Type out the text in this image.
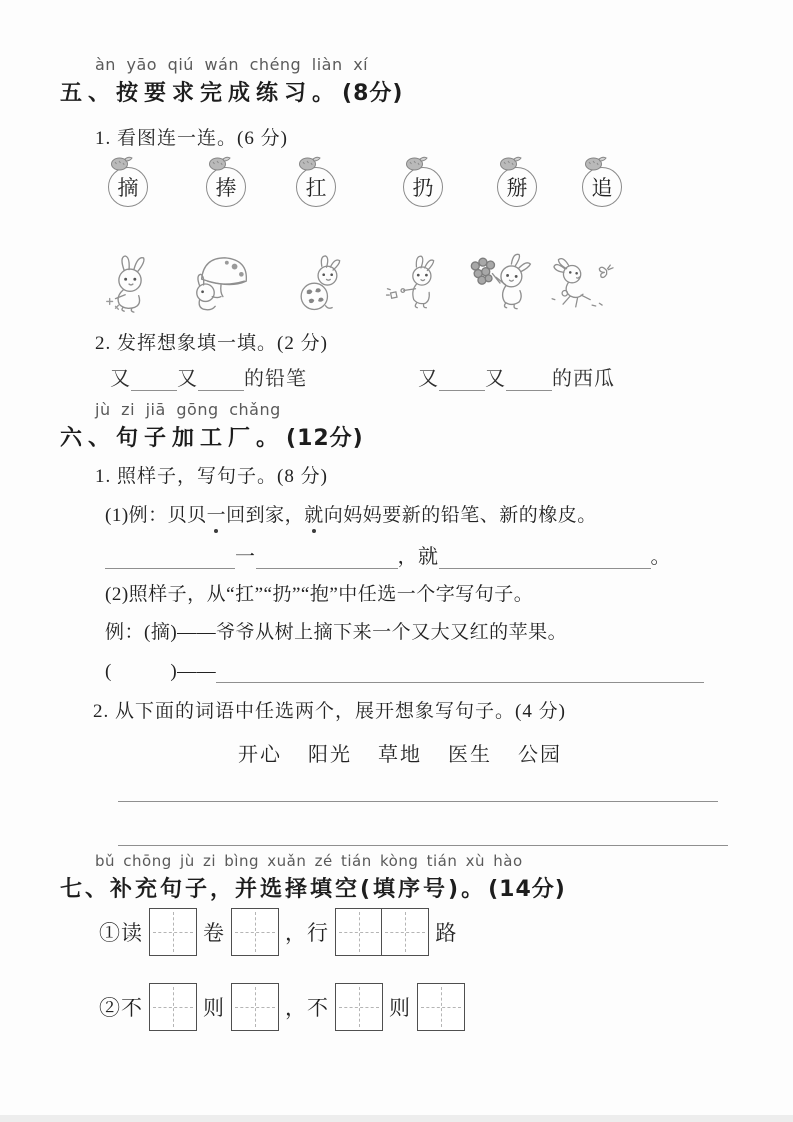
àn yāo qiú wán chéng liàn xí
五、按要求完成练习。(8分)
1. 看图连一连。(6 分)
摘	捧	扛	扔	掰	追
2. 发挥想象填一填。(2 分)
又 又 的铅笔	又 又 的西瓜
jù zi jiā gōng chǎng
六、句子加工厂。(12分)
1. 照样子，写句子。(8 分)
(1)例：贝贝一回到家，就向妈妈要新的铅笔、新的橡皮。
一	，就	。
(2)照样子，从“扛”“扔”“抱”中任选一个字写句子。
例：(摘)——爷爷从树上摘下来一个又大又红的苹果。
(　　　)——
2. 从下面的词语中任选两个，展开想象写句子。(4 分)
开心 阳光 草地 医生 公园
bǔ chōng jù zi bìng xuǎn zé tián kòng tián xù hào
七、补充句子，并选择填空(填序号)。(14分)
①读	卷	，行	路
②不	则	，不	则
